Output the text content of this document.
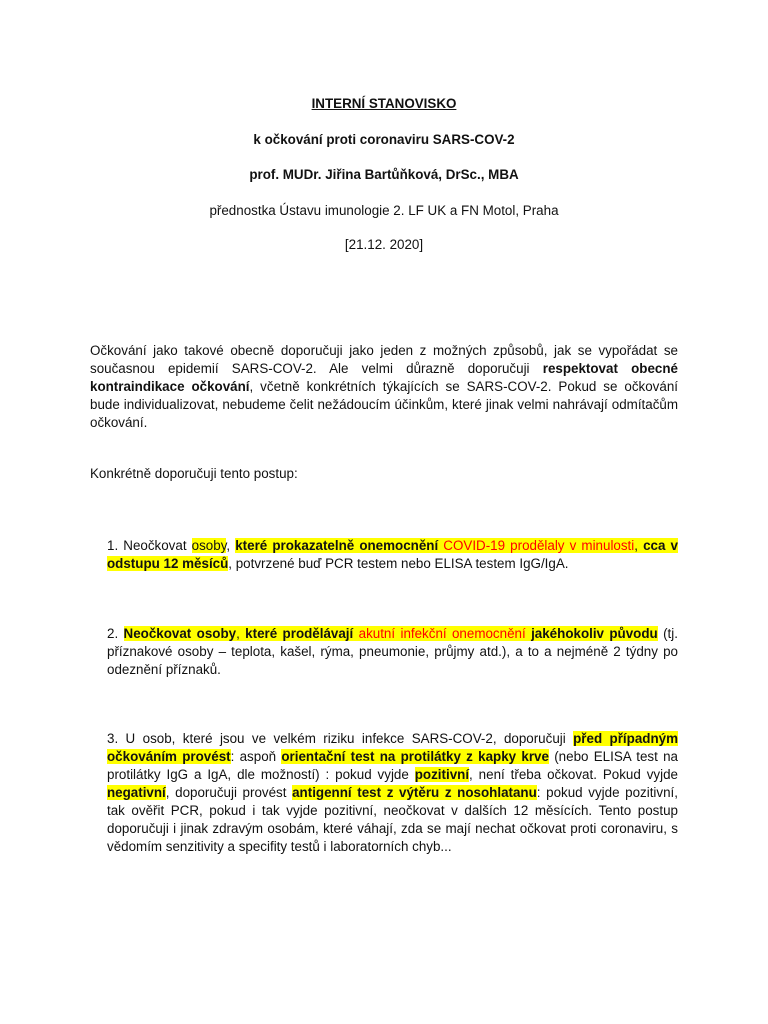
INTERNÍ STANOVISKO
k očkování proti coronaviru SARS-COV-2
prof. MUDr. Jiřina Bartůňková, DrSc., MBA
přednostka Ústavu imunologie 2. LF UK a FN Motol, Praha
[21.12. 2020]
Očkování jako takové obecně doporučuji jako jeden z možných způsobů, jak se vypořádat se současnou epidemií SARS-COV-2. Ale velmi důrazně doporučuji respektovat obecné kontraindikace očkování, včetně konkrétních týkajících se SARS-COV-2. Pokud se očkování bude individualizovat, nebudeme čelit nežádoucím účinkům, které jinak velmi nahrávají odmítačům očkování.
Konkrétně doporučuji tento postup:
1. Neočkovat osoby, které prokazatelně onemocnění COVID-19 prodělaly v minulosti, cca v odstupu 12 měsíců, potvrzené buď PCR testem nebo ELISA testem IgG/IgA.
2. Neočkovat osoby, které prodělávají akutní infekční onemocnění jakéhokoliv původu (tj. příznakové osoby – teplota, kašel, rýma, pneumonie, průjmy atd.), a to a nejméně 2 týdny po odeznění příznaků.
3. U osob, které jsou ve velkém riziku infekce SARS-COV-2, doporučuji před případným očkováním provést: aspoň orientační test na protilátky z kapky krve (nebo ELISA test na protilátky IgG a IgA, dle možností) : pokud vyjde pozitivní, není třeba očkovat. Pokud vyjde negativní, doporučuji provést antigenní test z výtěru z nosohlatanu: pokud vyjde pozitivní, tak ověřit PCR, pokud i tak vyjde pozitivní, neočkovat v dalších 12 měsících. Tento postup doporučuji i jinak zdravým osobám, které váhají, zda se mají nechat očkovat proti coronaviru, s vědomím senzitivity a specifity testů i laboratorních chyb...
